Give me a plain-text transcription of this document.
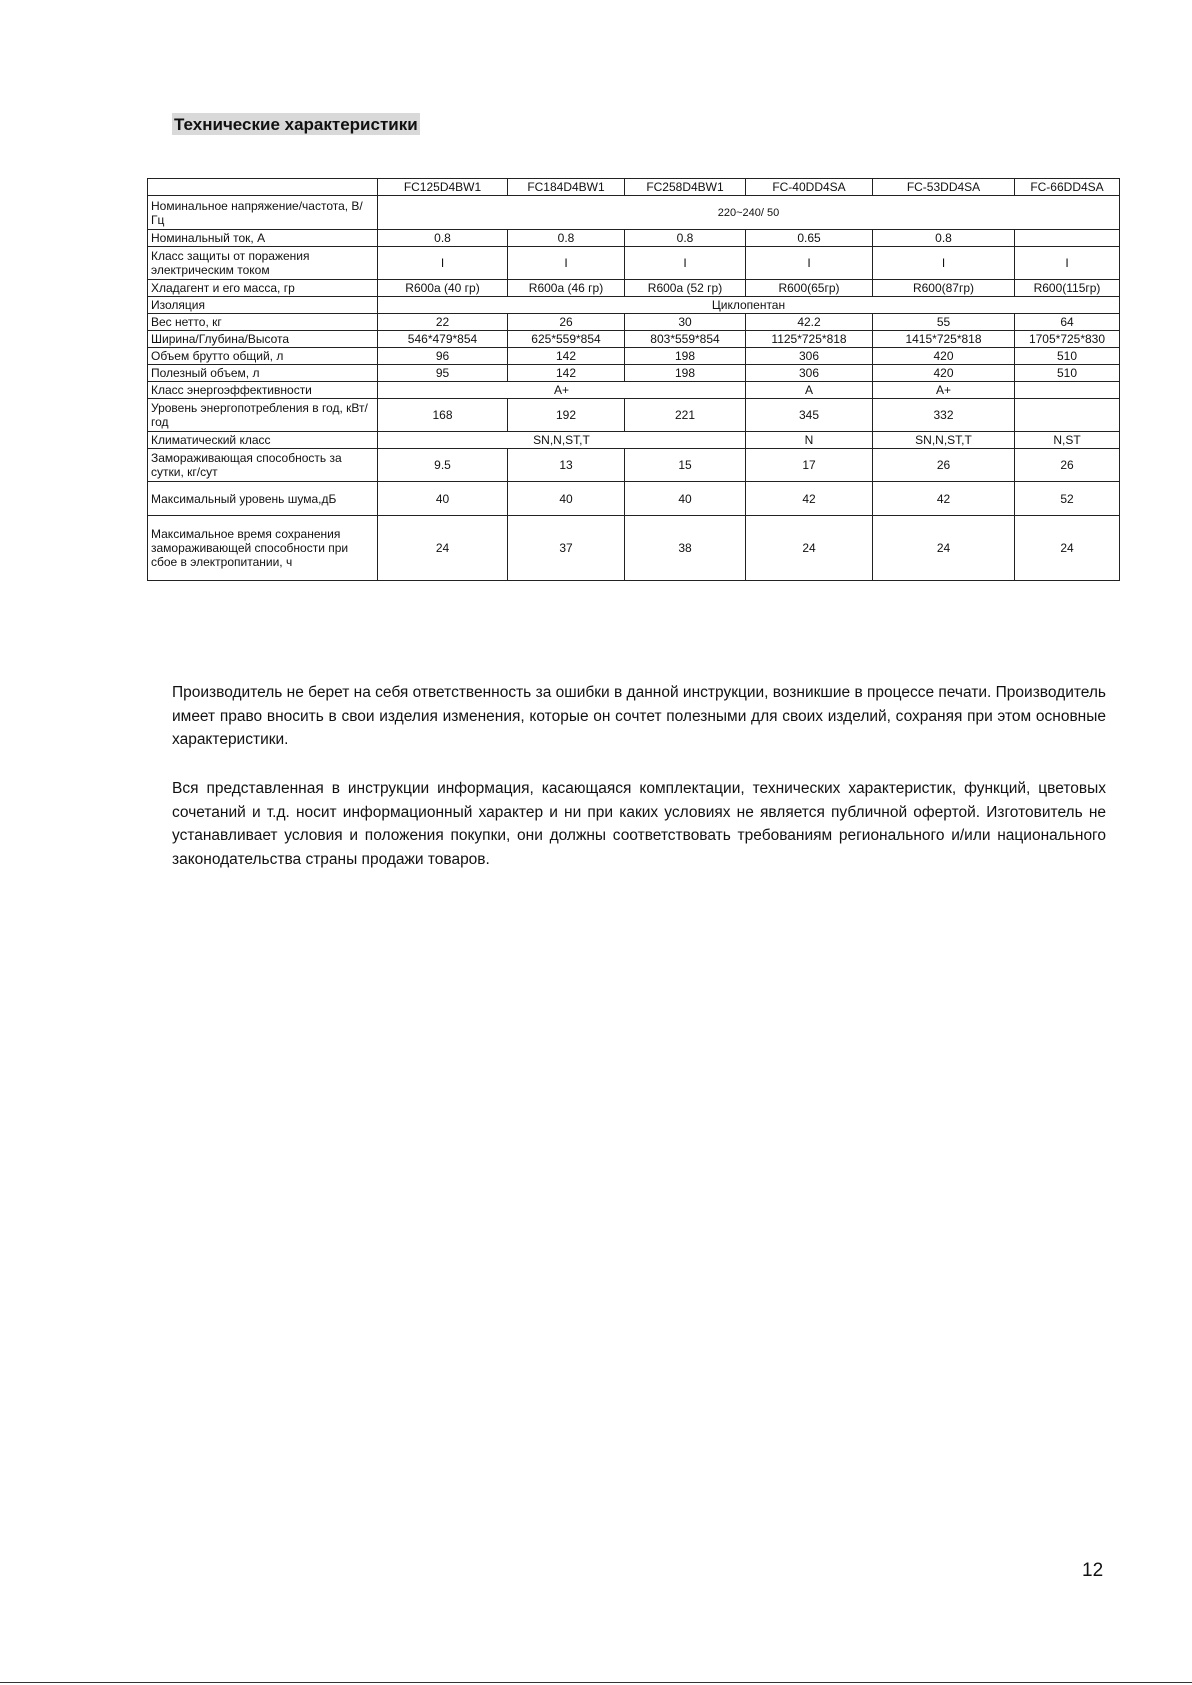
Технические характеристики
	FC125D4BW1	FC184D4BW1	FC258D4BW1	FC-40DD4SA	FC-53DD4SA	FC-66DD4SA
Номинальное напряжение/частота, В/Гц	220~240/ 50					
Номинальный ток, А	0.8	0.8	0.8	0.65	0.8	
Класс защиты от поражения электрическим током	I	I	I	I	I	I
Хладагент и его масса, гр	R600a (40 гр)	R600a (46 гр)	R600a (52 гр)	R600(65гр)	R600(87гр)	R600(115гр)
Изоляция	Циклопентан					
Вес нетто, кг	22	26	30	42.2	55	64
Ширина/Глубина/Высота	546*479*854	625*559*854	803*559*854	1125*725*818	1415*725*818	1705*725*830
Объем брутто общий, л	96	142	198	306	420	510
Полезный объем, л	95	142	198	306	420	510
Класс энергоэффективности	A+			A	A+	
Уровень энергопотребления в год, кВт/год	168	192	221	345	332	
Климатический класс	SN,N,ST,T			N	SN,N,ST,T	N,ST
Замораживающая способность за сутки, кг/сут	9.5	13	15	17	26	26
Максимальный уровень шума,дБ	40	40	40	42	42	52
Максимальное время сохранения замораживающей способности при сбое в электропитании, ч	24	37	38	24	24	24

Производитель не берет на себя ответственность за ошибки в данной инструкции, возникшие в процессе печати. Производитель имеет право вносить в свои изделия изменения, которые он сочтет полезными для своих изделий, сохраняя при этом основные характеристики.

Вся представленная в инструкции информация, касающаяся комплектации, технических характеристик, функций, цветовых сочетаний и т.д. носит информационный характер и ни при каких условиях не является публичной офертой. Изготовитель не устанавливает условия и положения покупки, они должны соответствовать требованиям регионального и/или национального законодательства страны продажи товаров.

12
